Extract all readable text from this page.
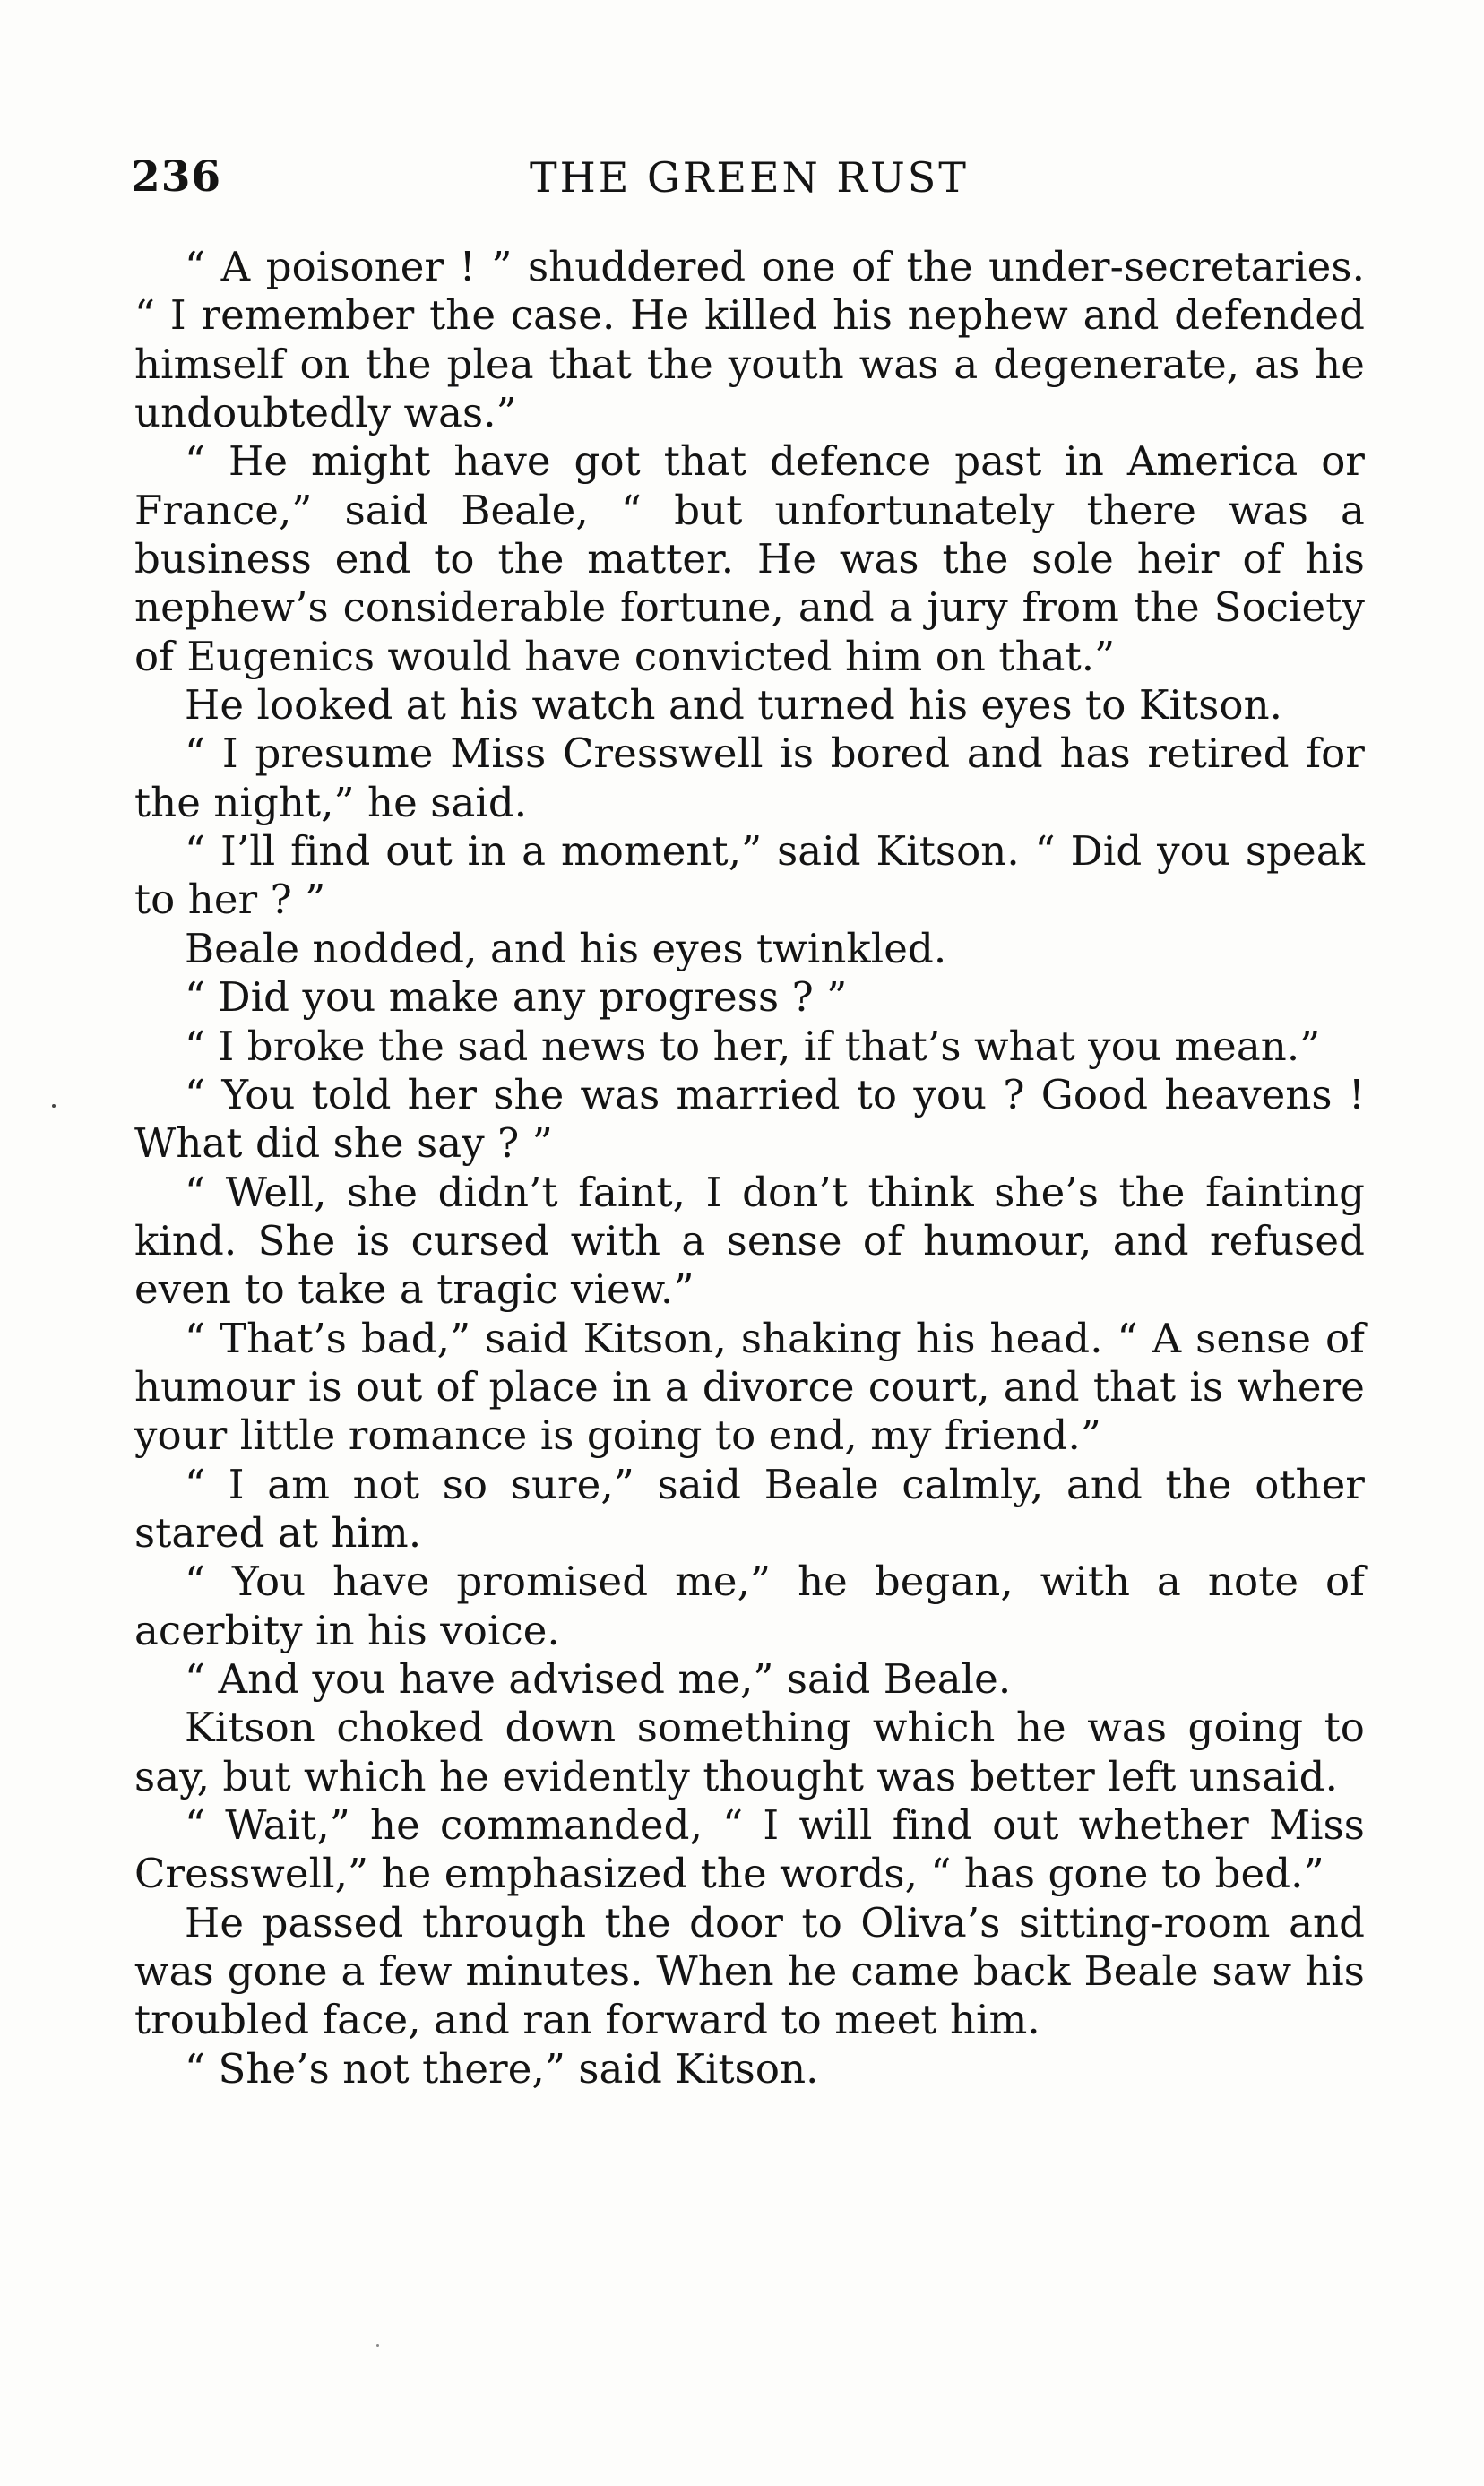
236	THE GREEN RUST

“ A poisoner ! ” shuddered one of the under-secretaries. “ I remember the case. He killed his nephew and defended himself on the plea that the youth was a degenerate, as he undoubtedly was.”

“ He might have got that defence past in America or France,” said Beale, “ but unfortunately there was a business end to the matter. He was the sole heir of his nephew’s considerable fortune, and a jury from the Society of Eugenics would have convicted him on that.”

He looked at his watch and turned his eyes to Kitson.

“ I presume Miss Cresswell is bored and has retired for the night,” he said.

“ I’ll find out in a moment,” said Kitson. “ Did you speak to her ? ”

Beale nodded, and his eyes twinkled.

“ Did you make any progress ? ”

“ I broke the sad news to her, if that’s what you mean.”

“ You told her she was married to you ? Good heavens ! What did she say ? ”

“ Well, she didn’t faint, I don’t think she’s the fainting kind. She is cursed with a sense of humour, and refused even to take a tragic view.”

“ That’s bad,” said Kitson, shaking his head. “ A sense of humour is out of place in a divorce court, and that is where your little romance is going to end, my friend.”

“ I am not so sure,” said Beale calmly, and the other stared at him.

“ You have promised me,” he began, with a note of acerbity in his voice.

“ And you have advised me,” said Beale.

Kitson choked down something which he was going to say, but which he evidently thought was better left unsaid.

“ Wait,” he commanded, “ I will find out whether Miss Cresswell,” he emphasized the words, “ has gone to bed.”

He passed through the door to Oliva’s sitting-room and was gone a few minutes. When he came back Beale saw his troubled face, and ran forward to meet him.

“ She’s not there,” said Kitson.
